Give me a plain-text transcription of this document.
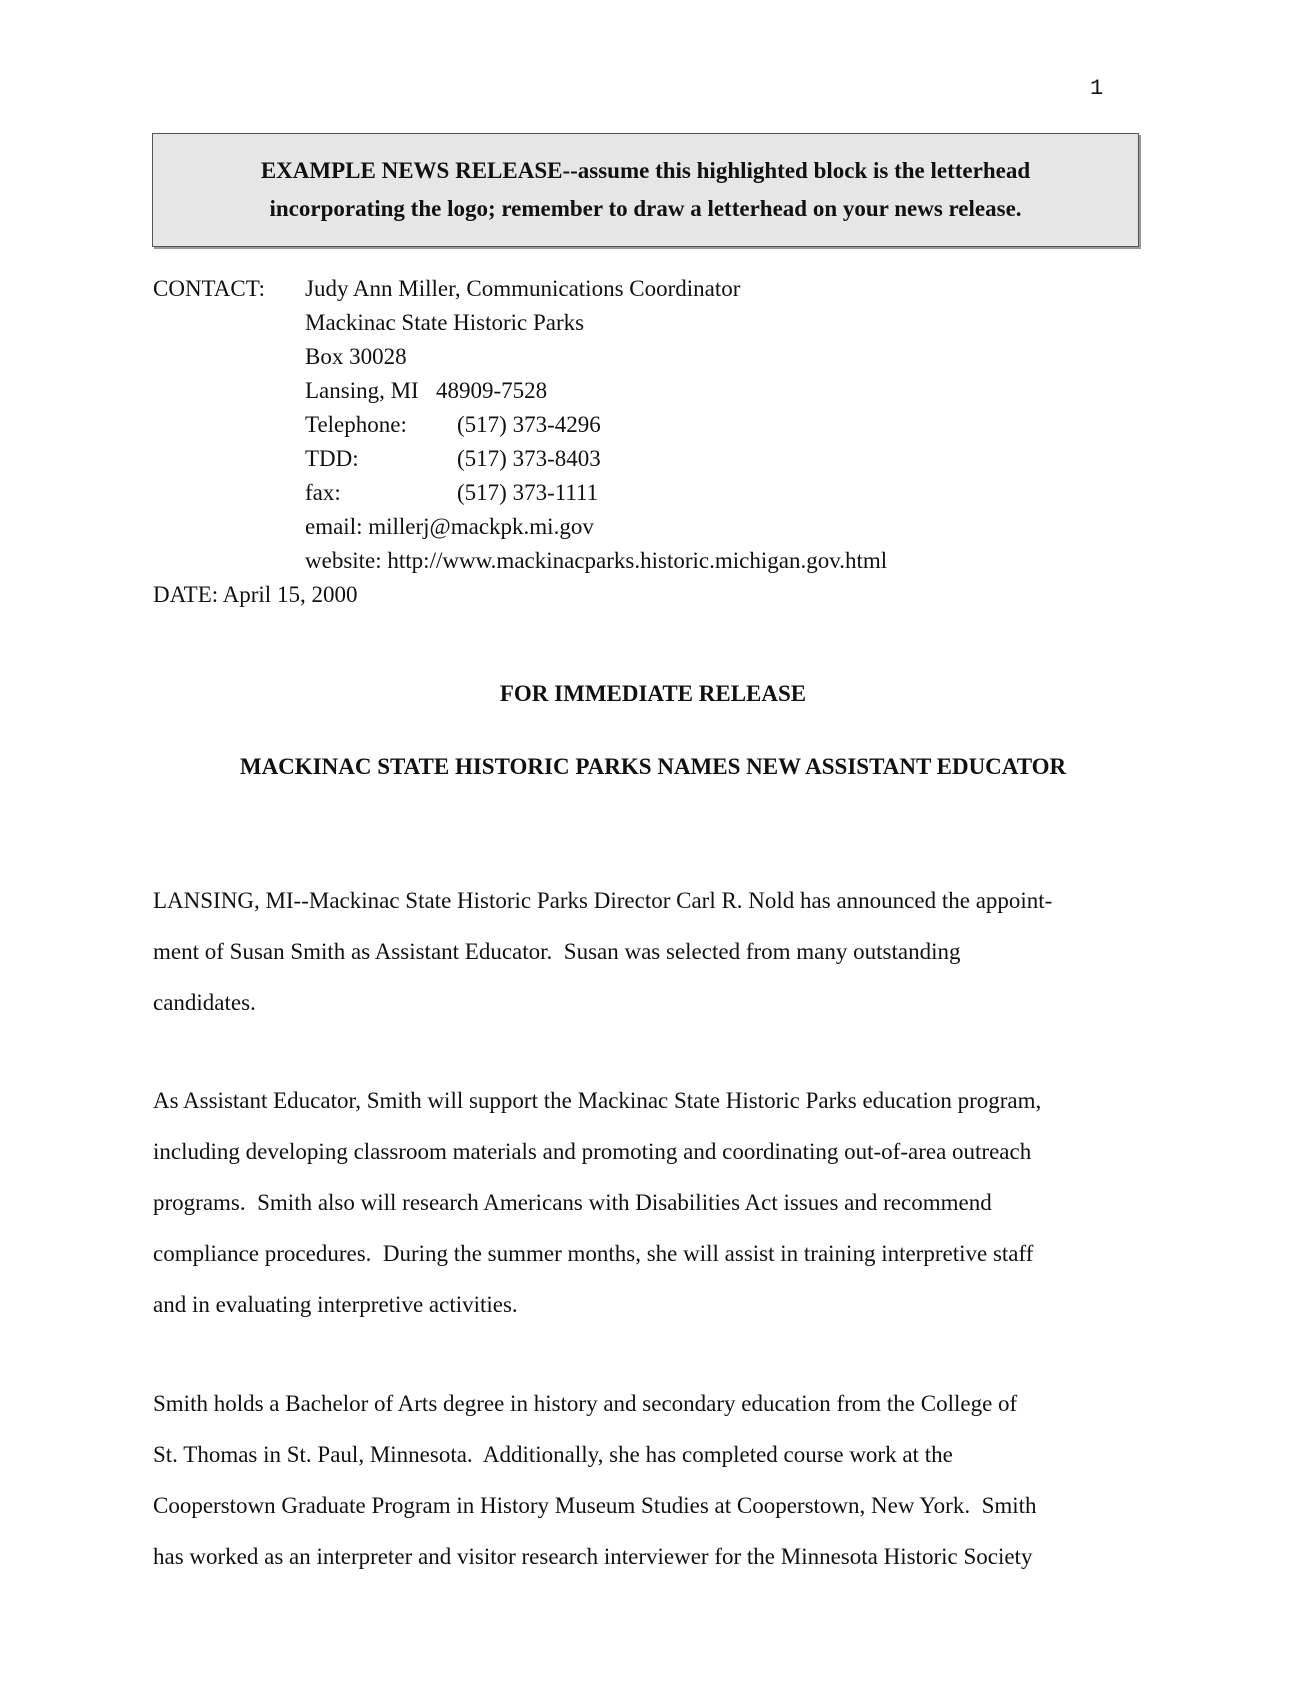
1
EXAMPLE NEWS RELEASE--assume this highlighted block is the letterhead
incorporating the logo; remember to draw a letterhead on your news release.
CONTACT:	Judy Ann Miller, Communications Coordinator
Mackinac State Historic Parks
Box 30028
Lansing, MI   48909-7528
Telephone:	(517) 373-4296
TDD:	(517) 373-8403
fax:	(517) 373-1111
email: millerj@mackpk.mi.gov
website: http://www.mackinacparks.historic.michigan.gov.html
DATE: April 15, 2000
FOR IMMEDIATE RELEASE
MACKINAC STATE HISTORIC PARKS NAMES NEW ASSISTANT EDUCATOR
LANSING, MI--Mackinac State Historic Parks Director Carl R. Nold has announced the appoint-
ment of Susan Smith as Assistant Educator.  Susan was selected from many outstanding
candidates.
As Assistant Educator, Smith will support the Mackinac State Historic Parks education program,
including developing classroom materials and promoting and coordinating out-of-area outreach
programs.  Smith also will research Americans with Disabilities Act issues and recommend
compliance procedures.  During the summer months, she will assist in training interpretive staff
and in evaluating interpretive activities.
Smith holds a Bachelor of Arts degree in history and secondary education from the College of
St. Thomas in St. Paul, Minnesota.  Additionally, she has completed course work at the
Cooperstown Graduate Program in History Museum Studies at Cooperstown, New York.  Smith
has worked as an interpreter and visitor research interviewer for the Minnesota Historic Society
